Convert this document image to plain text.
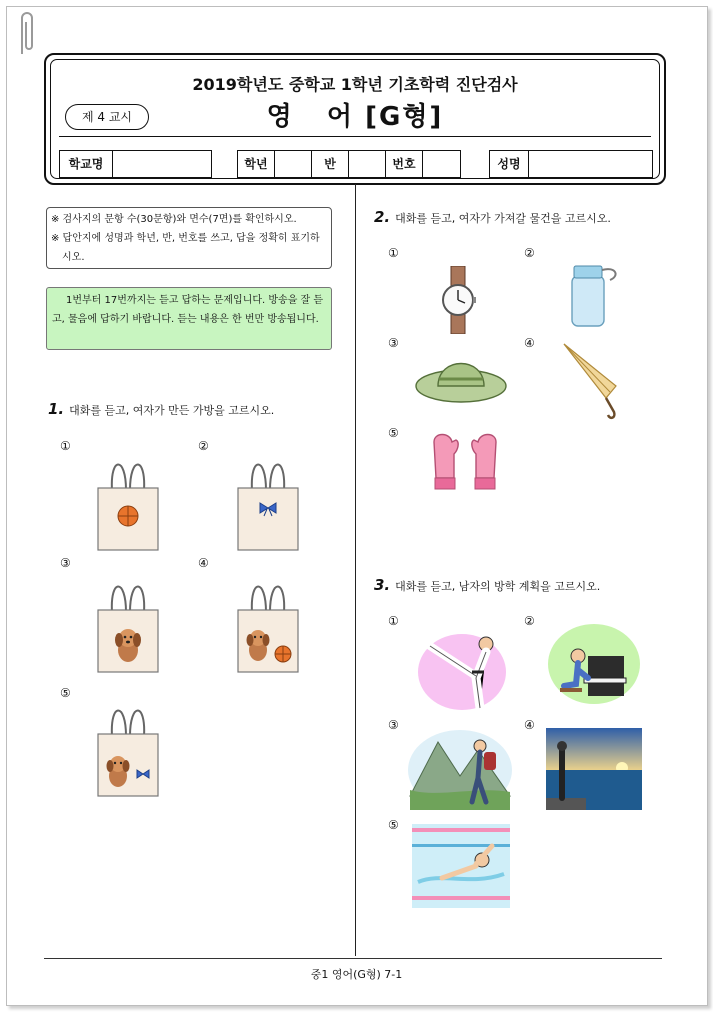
2019학년도 중학교 1학년 기초학력 진단검사
영   어 [G형]
제 4 교시
학교명	학년	반	번호	성명
※ 검사지의 문항 수(30문항)와 면수(7면)를 확인하시오.
※ 답안지에 성명과 학년, 반, 번호를 쓰고, 답을 정확히 표기하시오.
1번부터 17번까지는 듣고 답하는 문제입니다. 방송을 잘 듣고, 물음에 답하기 바랍니다. 듣는 내용은 한 번만 방송됩니다.
1. 대화를 듣고, 여자가 만든 가방을 고르시오.
①	②
③	④
⑤
2. 대화를 듣고, 여자가 가져갈 물건을 고르시오.
①	②
③	④
⑤
3. 대화를 듣고, 남자의 방학 계획을 고르시오.
①	②
③	④
⑤
중1 영어(G형) 7-1
